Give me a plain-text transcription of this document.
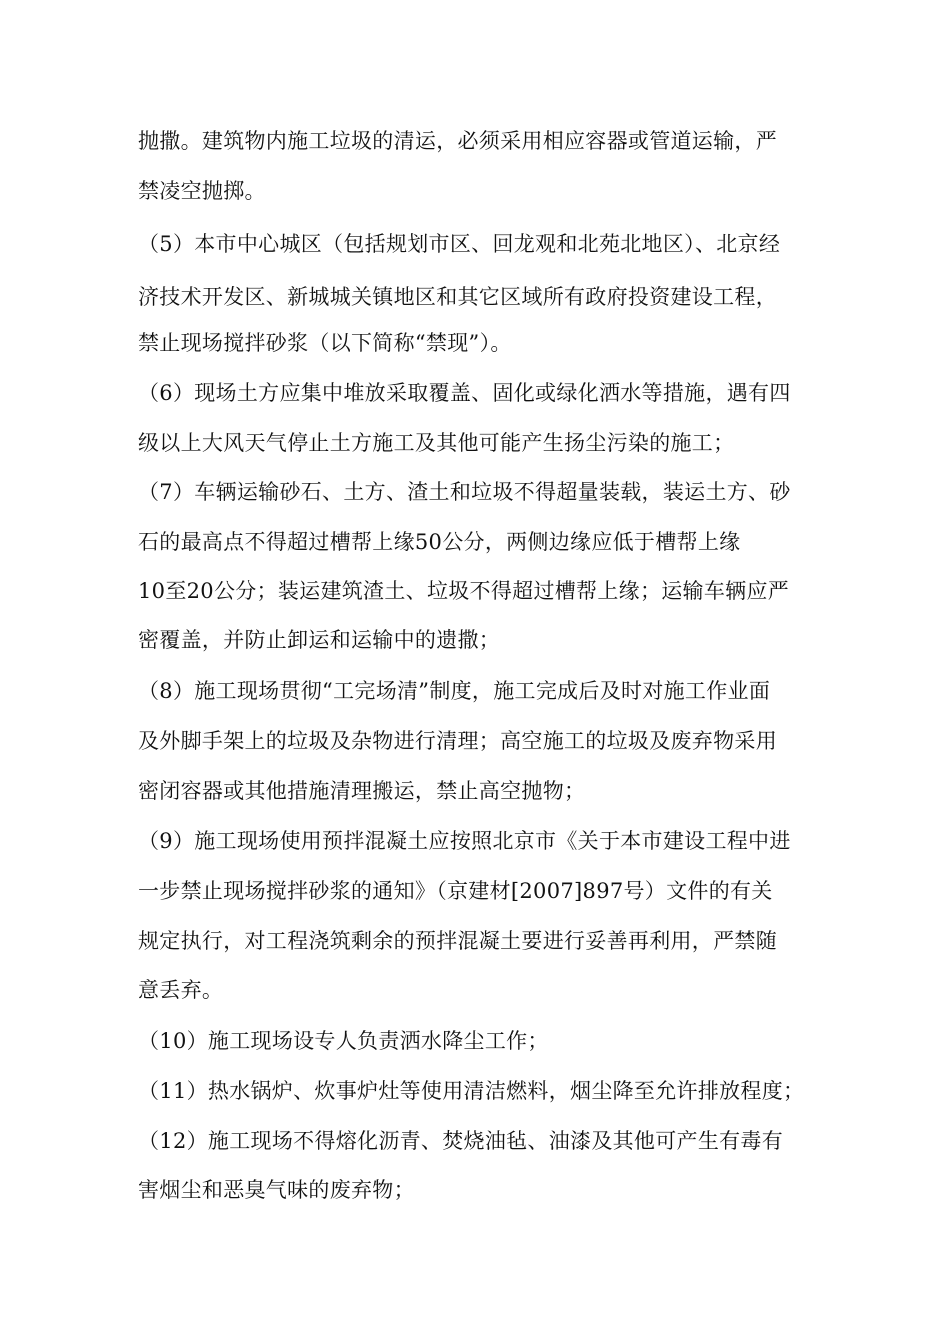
抛撒。建筑物内施工垃圾的清运，必须采用相应容器或管道运输，严
禁凌空抛掷。
（5）本市中心城区（包括规划市区、回龙观和北苑北地区）、北京经
济技术开发区、新城城关镇地区和其它区域所有政府投资建设工程，
禁止现场搅拌砂浆（以下简称“禁现”）。
（6）现场土方应集中堆放采取覆盖、固化或绿化洒水等措施，遇有四
级以上大风天气停止土方施工及其他可能产生扬尘污染的施工；
（7）车辆运输砂石、土方、渣土和垃圾不得超量装载，装运土方、砂
石的最高点不得超过槽帮上缘50公分，两侧边缘应低于槽帮上缘
10至20公分；装运建筑渣土、垃圾不得超过槽帮上缘；运输车辆应严
密覆盖，并防止卸运和运输中的遗撒；
（8）施工现场贯彻“工完场清”制度，施工完成后及时对施工作业面
及外脚手架上的垃圾及杂物进行清理；高空施工的垃圾及废弃物采用
密闭容器或其他措施清理搬运，禁止高空抛物；
（9）施工现场使用预拌混凝土应按照北京市《关于本市建设工程中进
一步禁止现场搅拌砂浆的通知》（京建材[2007]897号）文件的有关
规定执行，对工程浇筑剩余的预拌混凝土要进行妥善再利用，严禁随
意丢弃。
（10）施工现场设专人负责洒水降尘工作；
（11）热水锅炉、炊事炉灶等使用清洁燃料，烟尘降至允许排放程度；
（12）施工现场不得熔化沥青、焚烧油毡、油漆及其他可产生有毒有
害烟尘和恶臭气味的废弃物；
